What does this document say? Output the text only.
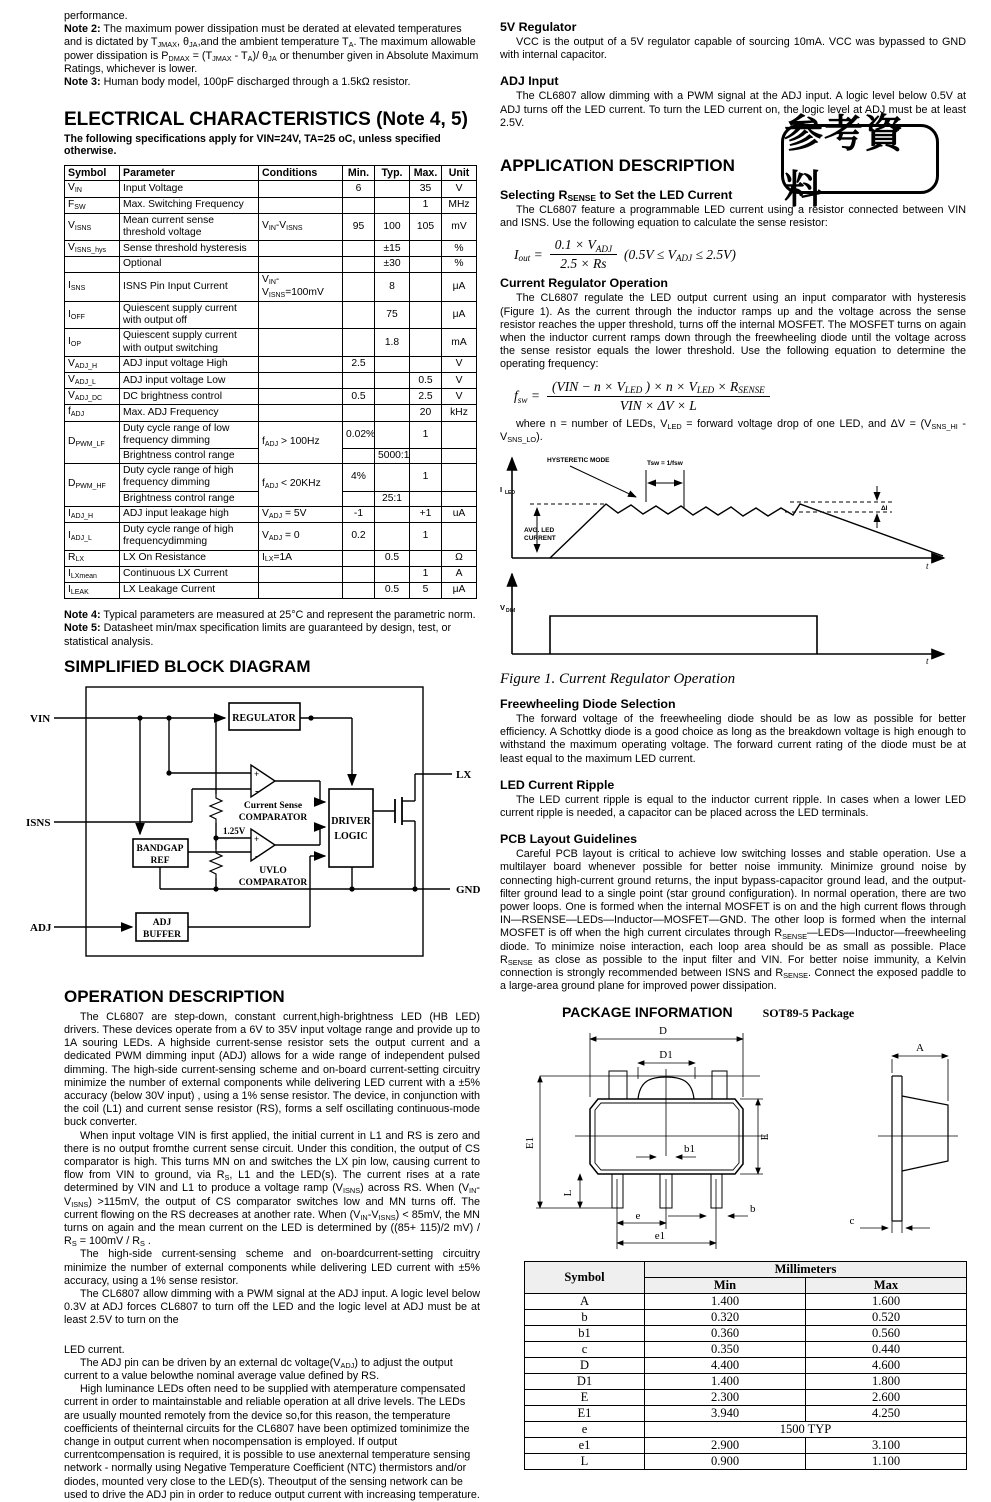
performance.

Note 2: The maximum power dissipation must be derated at elevated temperatures and is dictated by $T_{JMAX}$, $\theta_{JA},and$ the ambient temperature $T_A$. The maximum allowable power dissipation is $P_{DMAX} = (T_{JMAX} - T_A)/$ $\theta_{JA}$ or thenumber given in Absolute Maximum Ratings, whichever is lower.

Note 3: Human body model, 100pF discharged through a 1.5kΩ resistor.

ELECTRICAL CHARACTERISTICS (Note 4, 5)
The following specifications apply for VIN=24V, TA=25 oC, unless specified otherwise.
Symbol	Parameter	Conditions	Min.	Typ.	Max.	Unit
$V_{IN}$	Input Voltage		6		35	V
$F_{SW}$	Max. Switching Frequency				1	MHz
$V_{ISNS}$	Mean current sense threshold voltage	$V_{IN}-V_{ISNS}$	95	100	105	mV
$V_{ISNS\_hys}$	Sense threshold hysteresis			±15		%
	Optional			±30		%
$I_{SNS}$	ISNS Pin Input Current	$V_{IN}-V_{ISNS}=100mV$		8		μA
$I_{OFF}$	Quiescent supply current with output off			75		μA
$I_{OP}$	Quiescent supply current with output switching			1.8		mA
$V_{ADJ\_H}$	ADJ input voltage High		2.5			V
$V_{ADJ\_L}$	ADJ input voltage Low				0.5	V
$V_{ADJ\_DC}$	DC brightness control		0.5		2.5	V
$f_{ADJ}$	Max. ADJ Frequency				20	kHz
$D_{PWM\_LF}$	Duty cycle range of low frequency dimming	$f_{ADJ} > 100Hz$	0.02%		1	
	Brightness control range			5000:1		
$D_{PWM\_HF}$	Duty cycle range of high frequency dimming	$f_{ADJ} < 20KHz$	4%		1	
	Brightness control range			25:1		
$I_{ADJ\_H}$	ADJ input leakage high	$V_{ADJ} = 5V$	-1		+1	uA
$I_{ADJ\_L}$	Duty cycle range of high frequencydimming	$V_{ADJ} = 0$	0.2		1	
$R_{LX}$	LX On Resistance	$I_{LX}=1A$		0.5		Ω
$I_{LXmean}$	Continuous LX Current				1	A
$I_{LEAK}$	LX Leakage Current			0.5	5	μA

Note 4: Typical parameters are measured at 25°C and represent the parametric norm.

Note 5: Datasheet min/max specification limits are guaranteed by design, test, or statistical analysis.

SIMPLIFIED BLOCK DIAGRAM
VIN
ISNS
ADJ
LX
GND
REGULATOR
Current Sense
COMPARATOR DRIVER
LOGIC
BANDGAP
REF
1.25V
UVLO
COMPARATOR
ADJ
BUFFER
+
-
+
-
OPERATION DESCRIPTION

The CL6807 are step-down, constant current,high-brightness LED (HB LED) drivers. These devices operate from a 6V to 35V input voltage range and provide up to 1A souring LEDs. A highside current-sense resistor sets the output current and a dedicated PWM dimming input (ADJ) allows for a wide range of independent pulsed dimming. The high-side current-sensing scheme and on-board current-setting circuitry minimize the number of external components while delivering LED current with a ±5% accuracy (below 30V input) , using a 1% sense resistor. The device, in conjunction with the coil (L1) and current sense resistor (RS), forms a self oscillating continuous-mode buck converter.

When input voltage VIN is first applied, the initial current in L1 and RS is zero and there is no output fromthe current sense circuit. Under this condition, the output of CS comparator is high. This turns MN on and switches the LX pin low, causing current to flow from VIN to ground, via $R_S$, L1 and the LED(s). The current rises at a rate determined by VIN and L1 to produce a voltage ramp $(V_{ISNS})$ across RS. When $(V_{IN}-V_{ISNS}) >115mV$, the output of CS comparator switches low and MN turns off. The current flowing on the RS decreases at another rate. When $(V_{IN}-V_{ISNS}) < 85mV$, the MN turns on again and the mean current on the LED is determined by ((85+ 115)/2 $mV) / R_S = 100mV / R_S$ .

The high-side current-sensing scheme and on-boardcurrent-setting circuitry minimize the number of external components while delivering LED current with ±5% accuracy, using a 1% sense resistor.

The CL6807 allow dimming with a PWM signal at the ADJ input. A logic level below 0.3V at ADJ forces CL6807 to turn off the LED and the logic level at ADJ must be at least 2.5V to turn on the

LED current.

The ADJ pin can be driven by an external dc $voltage(V_{ADJ})$ to adjust the output current to a value belowthe nominal average value defined by RS.

High luminance LEDs often need to be supplied with atemperature compensated current in order to maintainstable and reliable operation at all drive levels. The LEDs are usually mounted remotely from the device so,for this reason, the temperature coefficients of theinternal circuits for the CL6807 have been optimized tominimize the change in output current when nocompensation is employed. If output currentcompensation is required, it is possible to use anexternal temperature sensing network - normally using Negative Temperature Coefficient (NTC) thermistors and/or diodes, mounted very close to the LED(s). Theoutput of the sensing network can be used to drive the ADJ pin in order to reduce output current with increasing temperature.

5V Regulator

VCC is the output of a 5V regulator capable of sourcing 10mA. VCC was bypassed to GND with internal capacitor.

ADJ Input

The CL6807 allow dimming with a PWM signal at the ADJ input. A logic level below 0.5V at ADJ turns off the LED current. To turn the LED current on, the logic level at ADJ must be at least 2.5V.

APPLICATION DESCRIPTION
Selecting $R_{SENSE}$ to Set the LED Current

The CL6807 feature a programmable LED current using a resistor connected between VIN and ISNS. Use the following equation to calculate the sense resistor:

$I_{out} = \frac{0.1 \times V_{ADJ}}{2.5 \times Rs} (0.5V \le V_{ADJ} \le 2.5V)$
Current Regulator Operation

The CL6807 regulate the LED output current using an input comparator with hysteresis (Figure 1). As the current through the inductor ramps up and the voltage across the sense resistor reaches the upper threshold, turns off the internal MOSFET. The MOSFET turns on again when the inductor current ramps down through the freewheeling diode until the voltage across the sense resistor equals the lower threshold. Use the following equation to determine the operating frequency:

$f_{sw} = \frac{(VIN - n \times V_{LED} ) \times n \times V_{LED} \times R_{SENSE}}{\text{VIN × ΔV × L}}$

where n = number of LEDs, $V_{LED}$ = forward voltage drop of one LED, and $\Delta V = (V_{SNS\_HI} - V_{SNS\_LO})$.

HYSTERETIC MODE	Tsw = 1/fsw
AVG. LED
CURRENT
ΔI
I LED
V DIM
t
t
Figure 1. Current Regulator Operation
Freewheeling Diode Selection

The forward voltage of the freewheeling diode should be as low as possible for better efficiency. A Schottky diode is a good choice as long as the breakdown voltage is high enough to withstand the maximum operating voltage. The forward current rating of the diode must be at least equal to the maximum LED current.

LED Current Ripple

The LED current ripple is equal to the inductor current ripple. In cases when a lower LED current ripple is needed, a capacitor can be placed across the LED terminals.

PCB Layout Guidelines

Careful PCB layout is critical to achieve low switching losses and stable operation. Use a multilayer board whenever possible for better noise immunity. Minimize ground noise by connecting high-current ground returns, the input bypass-capacitor ground lead, and the output-filter ground lead to a single point (star ground configuration). In normal operation, there are two power loops. One is formed when the internal MOSFET is on and the high current flows through IN—RSENSE—LEDs—Inductor—MOSFET—GND. The other loop is formed when the internal MOSFET is off when the high current circulates through $R_{SENSE}—LEDs—Inductor—freewheeling$ diode. To minimize noise interaction, each loop area should be as small as possible. Place $R_{SENSE}$ as close as possible to the input filter and VIN. For better noise immunity, a Kelvin connection is strongly recommended between ISNS and $R_{SENSE}$. Connect the exposed paddle to a large-area ground plane for improved power dissipation.

PACKAGE INFORMATION	SOT89-5 Package
D
D1
A
E1	E
L
b1
b
c
e
e1
Symbol	Millimeters	
	Min	Max
A	1.400	1.600
b	0.320	0.520
b1	0.360	0.560
c	0.350	0.440
D	4.400	4.600
D1	1.400	1.800
E	2.300	2.600
E1	3.940	4.250
e	1500 TYP	
e1	2.900	3.100
L	0.900	1.100
参考資料
